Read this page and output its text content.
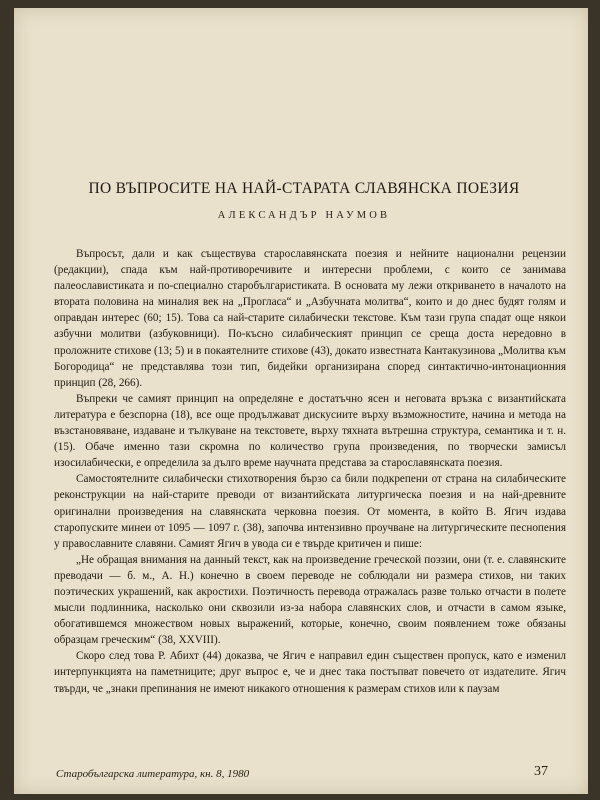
ПО ВЪПРОСИТЕ НА НАЙ-СТАРАТА СЛАВЯНСКА ПОЕЗИЯ
АЛЕКСАНДЪР НАУМОВ

Въпросът, дали и как съществува старославянската поезия и нейните национални рецензии (редакции), спада към най-противоречивите и интересни проблеми, с които се занимава палеославистиката и по-специално старобългаристиката. В основата му лежи откриването в началото на втората половина на миналия век на „Проглаcа“ и „Азбучната молитва“, които и до днес будят голям и оправдан интерес (60; 15). Това са най-старите силабически текстове. Към тази група спадат още някои азбучни молитви (азбуковници). По-късно силабическият принцип се среща доста нередовно в проложните стихове (13; 5) и в покаятелните стихове (43), докато известната Кантакузинова „Молитва към Богородица“ не представлява този тип, бидейки организирана според синтактично-интонационния принцип (28, 266).

Въпреки че самият принцип на определяне е достатъчно ясен и неговата връзка с византийската литература е безспорна (18), все още продължават дискусиите върху възможностите, начина и метода на възстановяване, издаване и тълкуване на текстовете, върху тяхната вътрешна структура, семантика и т. н. (15). Обаче именно тази скромна по количество група произведения, по творчески замисъл изосилабически, е определила за дълго време научната представа за старославянската поезия.

Самостоятелните силабически стихотворения бързо са били подкрепени от страна на силабическите реконструкции на най-старите преводи от византийската литургическа поезия и на най-древните оригинални произведения на славянската черковна поезия. От момента, в който В. Ягич издава старопуските минеи от 1095 — 1097 г. (38), започва интензивно проучване на литургическите песнопения у православните славяни. Самият Ягич в увода си е твърде критичен и пише:

„Не обращая внимания на данный текст, как на произведение греческой поэзии, они (т. е. славянските преводачи — б. м., А. Н.) конечно в своем переводе не соблюдали ни размера стихов, ни таких поэтических украшений, как акростихи. Поэтичность перевода отражалась разве только отчасти в полете мысли подлинника, насколько они сквозили из-за набора славянских слов, и отчасти в самом языке, обогатившемся множеством новых выражений, которые, конечно, своим появлением тоже обязаны образцам греческим“ (38, XXVIII).

Скоро след това Р. Абихт (44) доказва, че Ягич е направил един съществен пропуск, като е изменил интерпункцията на паметниците; друг въпрос е, че и днес така постъпват повечето от издателите. Ягич твърди, че „знаки препинания не имеют никакого отношения к размерам стихов или к паузам

Старобългарска литература, кн. 8, 1980	37
